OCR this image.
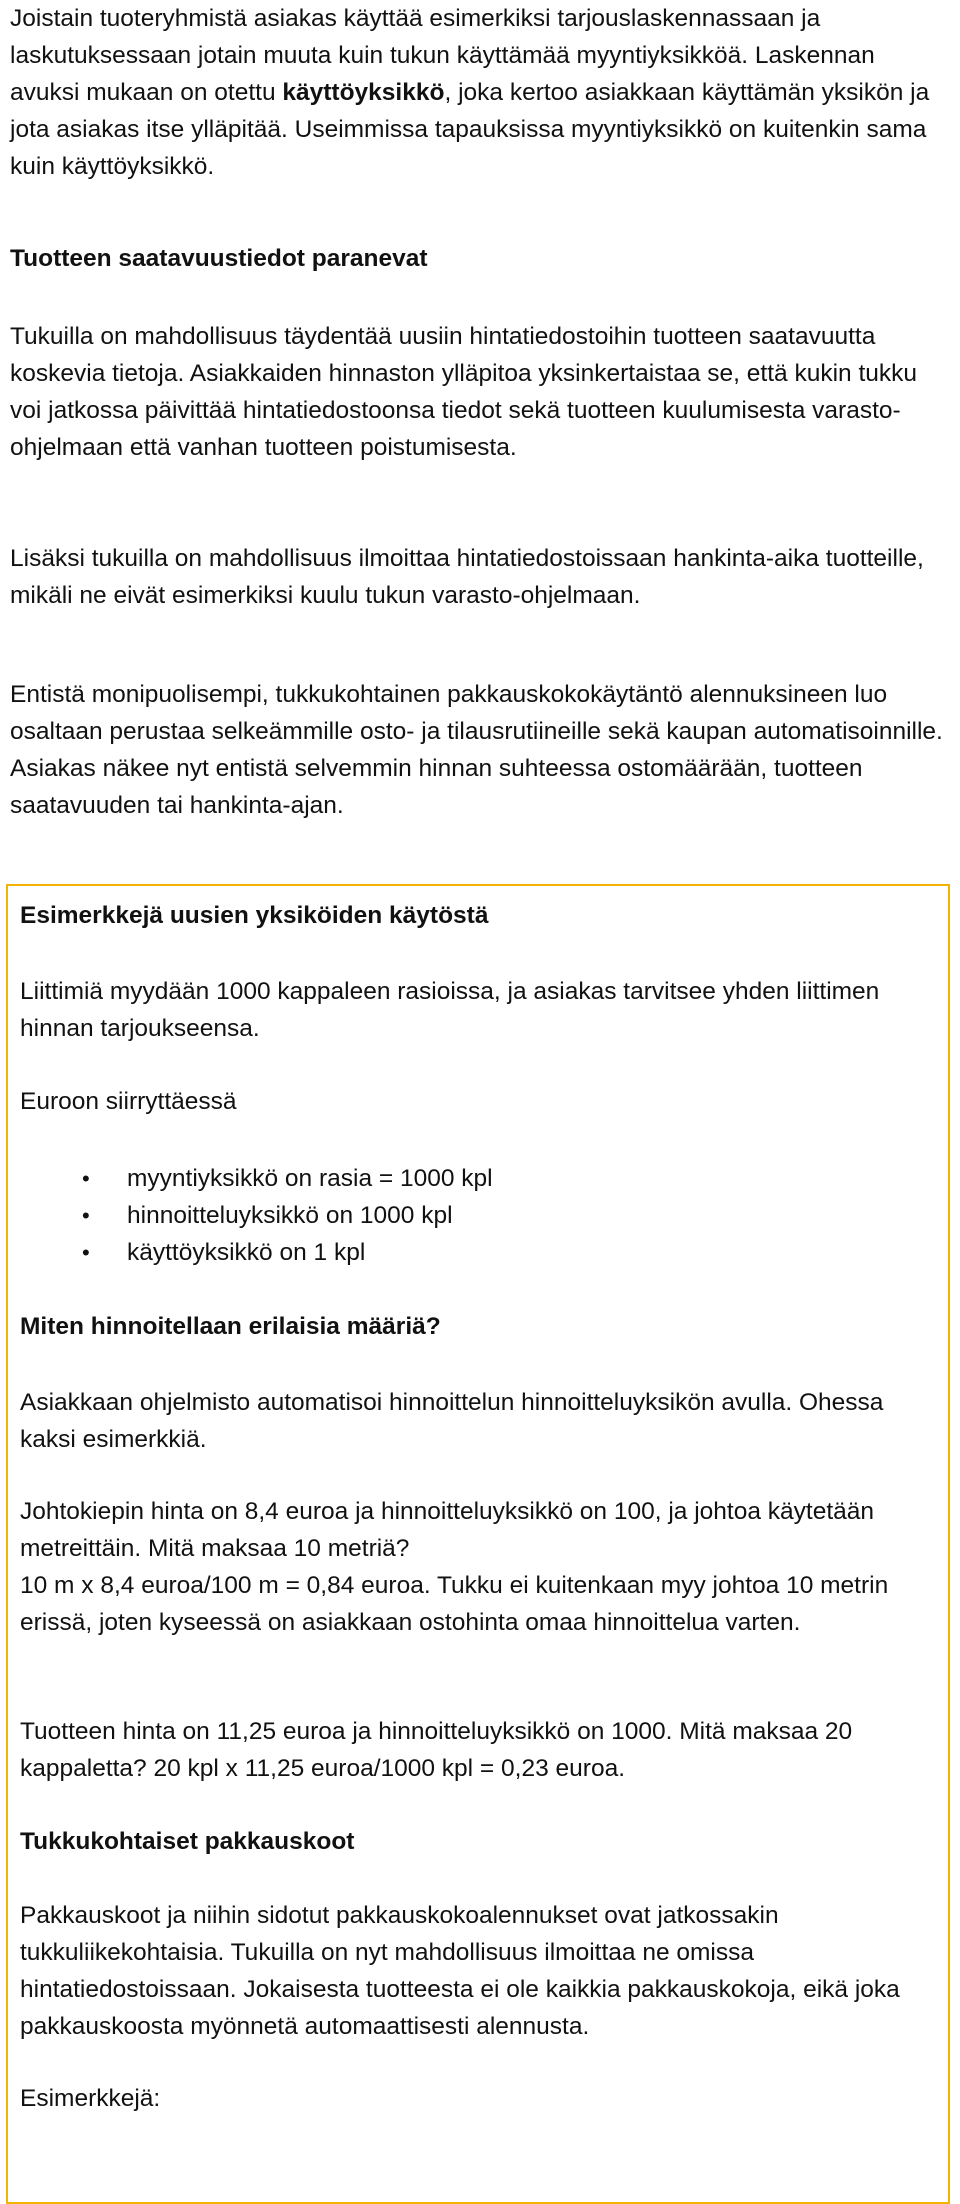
Joistain tuoteryhmistä asiakas käyttää esimerkiksi tarjouslaskennassaan ja laskutuksessaan jotain muuta kuin tukun käyttämää myyntiyksikköä. Laskennan avuksi mukaan on otettu käyttöyksikkö, joka kertoo asiakkaan käyttämän yksikön ja jota asiakas itse ylläpitää. Useimmissa tapauksissa myyntiyksikkö on kuitenkin sama kuin käyttöyksikkö.

Tuotteen saatavuustiedot paranevat

Tukuilla on mahdollisuus täydentää uusiin hintatiedostoihin tuotteen saatavuutta koskevia tietoja. Asiakkaiden hinnaston ylläpitoa yksinkertaistaa se, että kukin tukku voi jatkossa päivittää hintatiedostoonsa tiedot sekä tuotteen kuulumisesta varasto-ohjelmaan että vanhan tuotteen poistumisesta.

Lisäksi tukuilla on mahdollisuus ilmoittaa hintatiedostoissaan hankinta-aika tuotteille, mikäli ne eivät esimerkiksi kuulu tukun varasto-ohjelmaan.

Entistä monipuolisempi, tukkukohtainen pakkauskokokäytäntö alennuksineen luo osaltaan perustaa selkeämmille osto- ja tilausrutiineille sekä kaupan automatisoinnille. Asiakas näkee nyt entistä selvemmin hinnan suhteessa ostomäärään, tuotteen saatavuuden tai hankinta-ajan.

Esimerkkejä uusien yksiköiden käytöstä

Liittimiä myydään 1000 kappaleen rasioissa, ja asiakas tarvitsee yhden liittimen hinnan tarjoukseensa.

Euroon siirryttäessä

• myyntiyksikkö on rasia = 1000 kpl
• hinnoitteluyksikkö on 1000 kpl
• käyttöyksikkö on 1 kpl
Miten hinnoitellaan erilaisia määriä?

Asiakkaan ohjelmisto automatisoi hinnoittelun hinnoitteluyksikön avulla. Ohessa kaksi esimerkkiä.

Johtokiepin hinta on 8,4 euroa ja hinnoitteluyksikkö on 100, ja johtoa käytetään metreittäin. Mitä maksaa 10 metriä?

10 m x 8,4 euroa/100 m = 0,84 euroa. Tukku ei kuitenkaan myy johtoa 10 metrin erissä, joten kyseessä on asiakkaan ostohinta omaa hinnoittelua varten.

Tuotteen hinta on 11,25 euroa ja hinnoitteluyksikkö on 1000. Mitä maksaa 20 kappaletta? 20 kpl x 11,25 euroa/1000 kpl = 0,23 euroa.

Tukkukohtaiset pakkauskoot

Pakkauskoot ja niihin sidotut pakkauskokoalennukset ovat jatkossakin tukkuliikekohtaisia. Tukuilla on nyt mahdollisuus ilmoittaa ne omissa hintatiedostoissaan. Jokaisesta tuotteesta ei ole kaikkia pakkauskokoja, eikä joka pakkauskoosta myönnetä automaattisesti alennusta.

Esimerkkejä:
